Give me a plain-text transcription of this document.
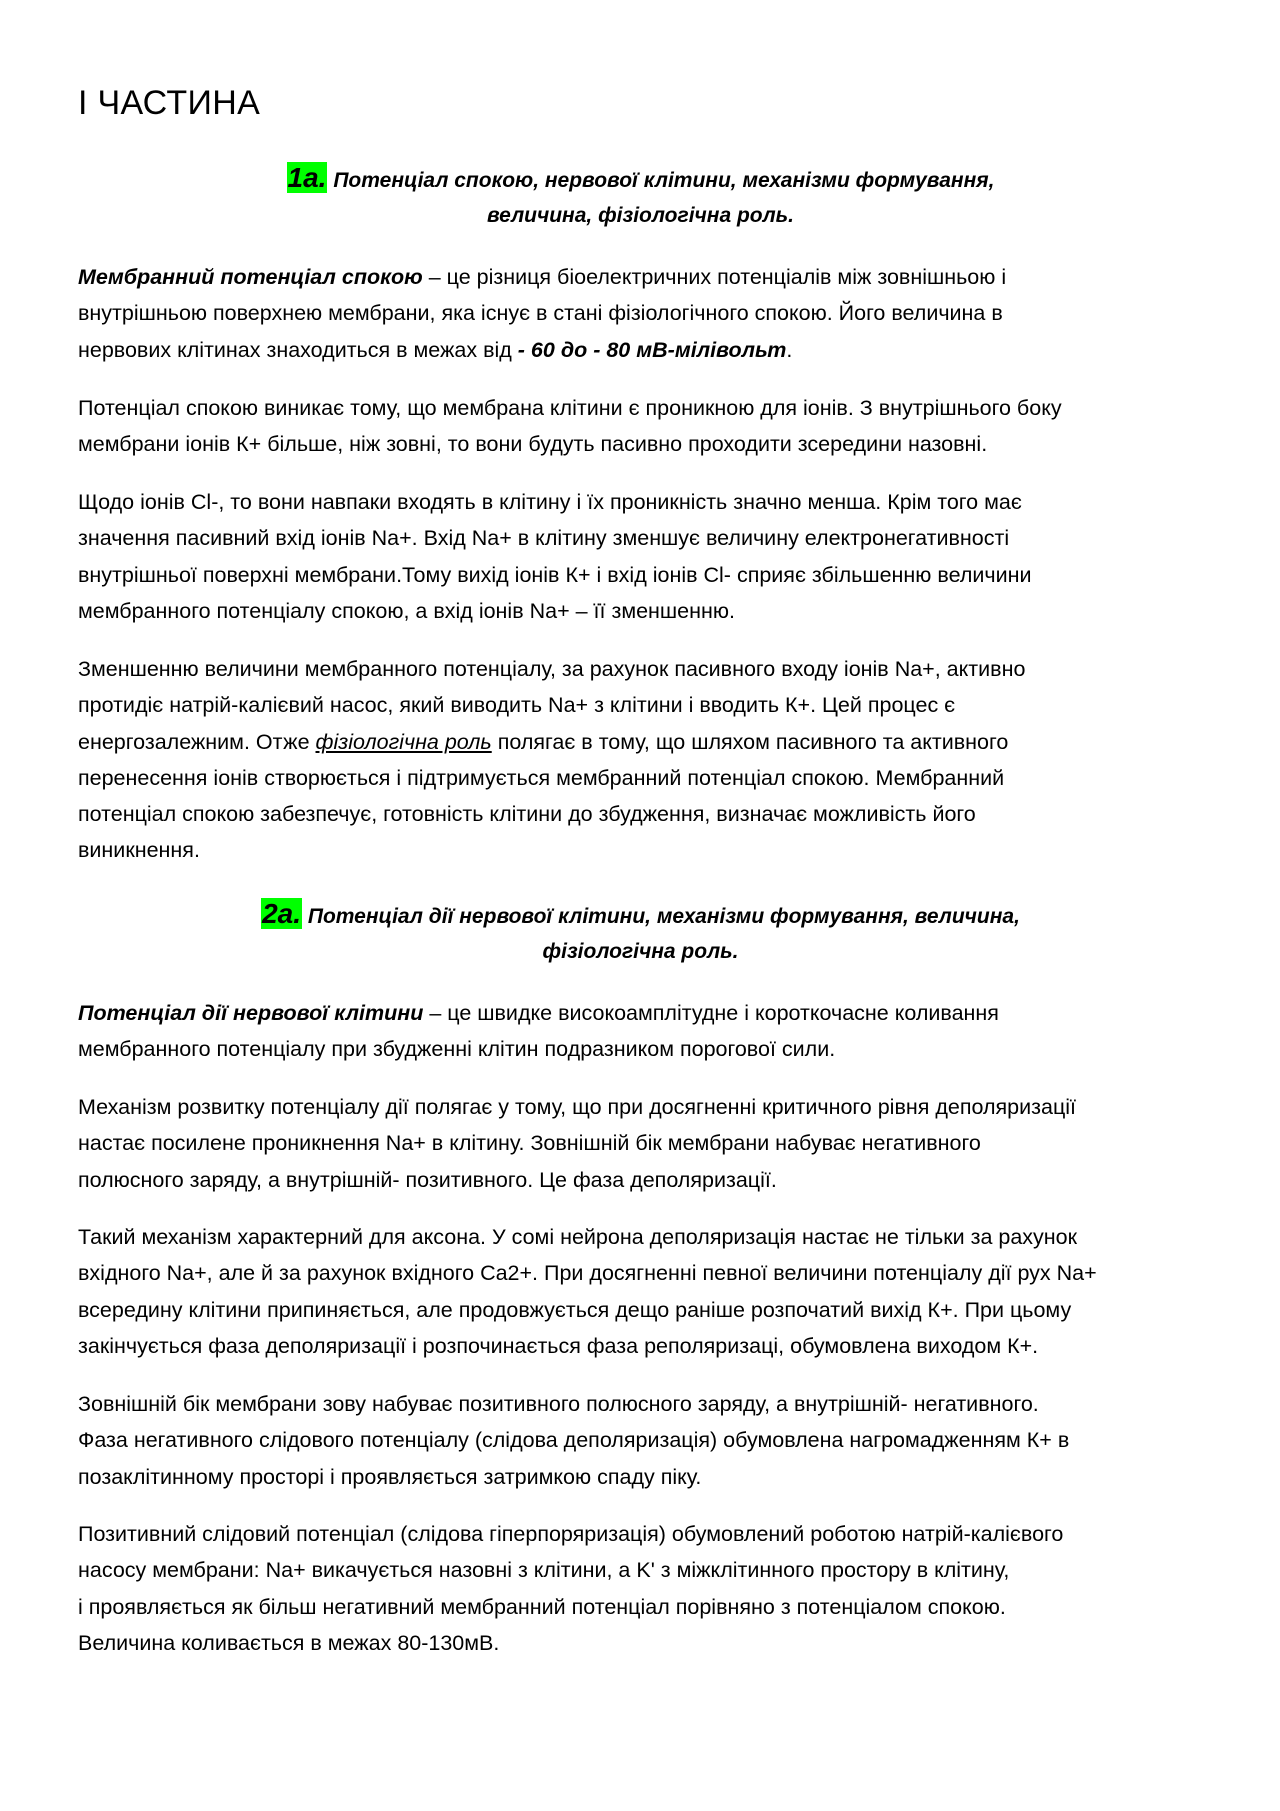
І ЧАСТИНА
1а. Потенціал спокою, нервової клітини, механізми формування,
величина, фізіологічна роль.
Мембранний потенціал спокою – це різниця біоелектричних потенціалів між зовнішньою і
внутрішньою поверхнею мембрани, яка існує в стані фізіологічного спокою. Його величина в
нервових клітинах знаходиться в межах від - 60 до - 80 мВ-мілівольт.
Потенціал спокою виникає тому, що мембрана клітини є проникною для іонів. З внутрішнього боку
мембрани іонів К+ більше, ніж зовні, то вони будуть пасивно проходити зсередини назовні.
Щодо іонів Cl-, то вони навпаки входять в клітину і їх проникність значно менша. Крім того має
значення пасивний вхід іонів Na+. Вхід Na+ в клітину зменшує величину електронегативності
внутрішньої поверхні мембрани.Тому вихід іонів К+ і вхід іонів Cl- сприяє збільшенню величини
мембранного потенціалу спокою, а вхід іонів Na+ – її зменшенню.
Зменшенню величини мембранного потенціалу, за рахунок пасивного входу іонів Na+, активно
протидіє натрій-калієвий насос, який виводить Na+ з клітини і вводить К+. Цей процес є
енергозалежним. Отже фізіологічна роль полягає в тому, що шляхом пасивного та активного
перенесення іонів створюється і підтримується мембранний потенціал спокою. Мембранний
потенціал спокою забезпечує, готовність клітини до збудження, визначає можливість його
виникнення.
2а. Потенціал дії нервової клітини, механізми формування, величина,
фізіологічна роль.
Потенціал дії нервової клітини – це швидке високоамплітудне і короткочасне коливання
мембранного потенціалу при збудженні клітин подразником порогової сили.
Механізм розвитку потенціалу дії полягає у тому, що при досягненні критичного рівня деполяризації
настає посилене проникнення Na+ в клітину. Зовнішній бік мембрани набуває негативного
полюсного заряду, а внутрішній- позитивного. Це фаза деполяризації.
Такий механізм характерний для аксона. У сомі нейрона деполяризація настає не тільки за рахунок
вхідного Na+, але й за рахунок вхідного Ca2+. При досягненні певної величини потенціалу дії рух Na+
всередину клітини припиняється, але продовжується дещо раніше розпочатий вихід К+. При цьому
закінчується фаза деполяризації і розпочинається фаза реполяризаці, обумовлена виходом К+.
Зовнішній бік мембрани зову набуває позитивного полюсного заряду, а внутрішній- негативного.
Фаза негативного слідового потенціалу (слідова деполяризація) обумовлена нагромадженням К+ в
позаклітинному просторі і проявляється затримкою спаду піку.
Позитивний слідовий потенціал (слідова гіперпоряризація) обумовлений роботою натрій-калієвого
насосу мембрани: Na+ викачується назовні з клітини, а K' з міжклітинного простору в клітину,
і проявляється як більш негативний мембранний потенціал порівняно з потенціалом спокою.
Величина коливається в межах 80-130мВ.
